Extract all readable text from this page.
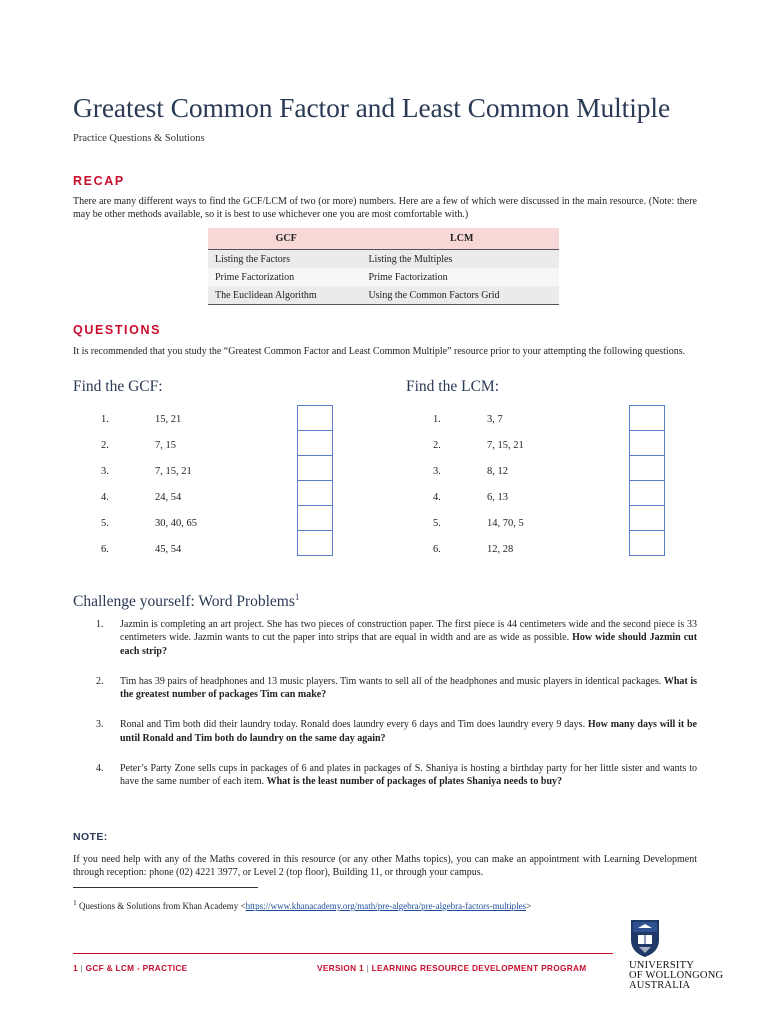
Greatest Common Factor and Least Common Multiple
Practice Questions & Solutions
RECAP
There are many different ways to find the GCF/LCM of two (or more) numbers. Here are a few of which were discussed in the main resource. (Note: there may be other methods available, so it is best to use whichever one you are most comfortable with.)
GCF	LCM
Listing the Factors	Listing the Multiples
Prime Factorization	Prime Factorization
The Euclidean Algorithm	Using the Common Factors Grid
QUESTIONS
It is recommended that you study the “Greatest Common Factor and Least Common Multiple” resource prior to your attempting the following questions.
Find the GCF:	Find the LCM:
1.	15, 21
2.	7, 15
3.	7, 15, 21
4.	24, 54
5.	30, 40, 65
6.	45, 54

1.	3, 7
2.	7, 15, 21
3.	8, 12
4.	6, 13
5.	14, 70, 5
6.	12, 28

Challenge yourself: Word Problems$^1$
1. Jazmin is completing an art project. She has two pieces of construction paper. The first piece is 44 centimeters wide and the second piece is 33 centimeters wide. Jazmin wants to cut the paper into strips that are equal in width and are as wide as possible. How wide should Jazmin cut each strip?
2. Tim has 39 pairs of headphones and 13 music players. Tim wants to sell all of the headphones and music players in identical packages. What is the greatest number of packages Tim can make?
3. Ronal and Tim both did their laundry today. Ronald does laundry every 6 days and Tim does laundry every 9 days. How many days will it be until Ronald and Tim both do laundry on the same day again?
4. Peter’s Party Zone sells cups in packages of 6 and plates in packages of S. Shaniya is hosting a birthday party for her little sister and wants to have the same number of each item. What is the least number of packages of plates Shaniya needs to buy?
NOTE:
If you need help with any of the Maths covered in this resource (or any other Maths topics), you can make an appointment with Learning Development through reception: phone (02) 4221 3977, or Level 2 (top floor), Building 11, or through your campus.
$^1$ Questions & Solutions from Khan Academy <https://www.khanacademy.org/math/pre-algebra/pre-algebra-factors-multiples>
1 | GCF & LCM - PRACTICE	VERSION 1 | LEARNING RESOURCE DEVELOPMENT PROGRAM	UNIVERSITY
OF WOLLONGONG
AUSTRALIA
